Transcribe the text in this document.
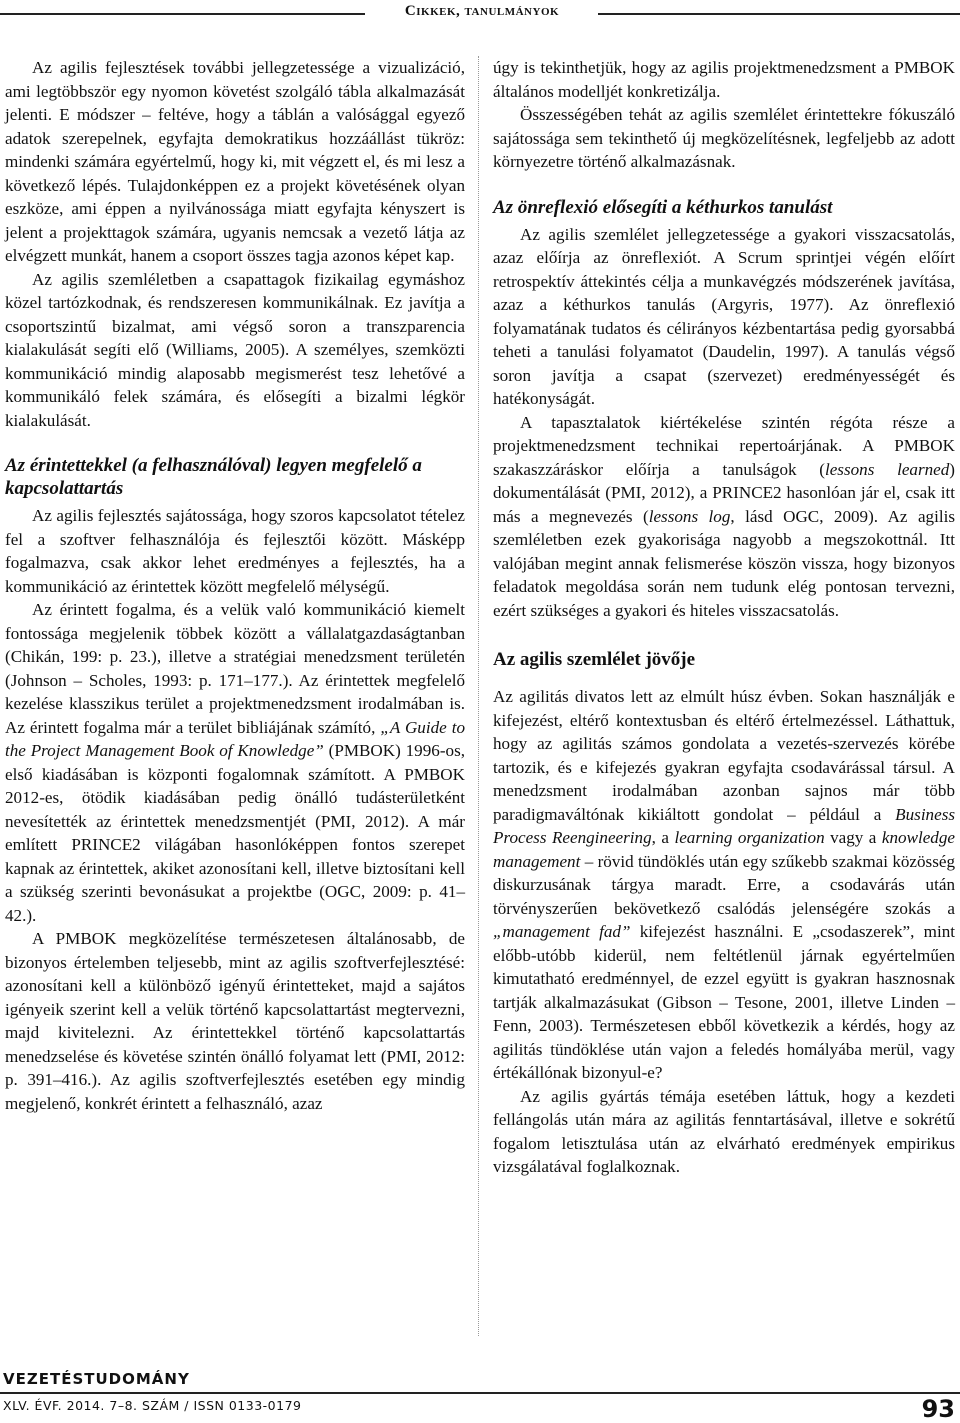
Cikkek, tanulmányok

Az agilis fejlesztések további jellegzetessége a vizualizáció, ami legtöbbször egy nyomon követést szolgáló tábla alkalmazását jelenti. E módszer – feltéve, hogy a táblán a valósággal egyező adatok szerepelnek, egyfajta demokratikus hozzáállást tükröz: mindenki számára egyértelmű, hogy ki, mit végzett el, és mi lesz a következő lépés. Tulajdonképpen ez a projekt követésének olyan eszköze, ami éppen a nyilvánossága miatt egyfajta kényszert is jelent a projekttagok számára, ugyanis nemcsak a vezető látja az elvégzett munkát, hanem a csoport összes tagja azonos képet kap.

Az agilis szemléletben a csapattagok fizikailag egymáshoz közel tartózkodnak, és rendszeresen kommunikálnak. Ez javítja a csoportszintű bizalmat, ami végső soron a transzparencia kialakulását segíti elő (Williams, 2005). A személyes, szemközti kommunikáció mindig alaposabb megismerést tesz lehetővé a kommunikáló felek számára, és elősegíti a bizalmi légkör kialakulását.

Az érintettekkel (a felhasználóval) legyen megfelelő a kapcsolattartás

Az agilis fejlesztés sajátossága, hogy szoros kapcsolatot tételez fel a szoftver felhasználója és fejlesztői között. Másképp fogalmazva, csak akkor lehet eredményes a fejlesztés, ha a kommunikáció az érintettek között megfelelő mélységű.

Az érintett fogalma, és a velük való kommunikáció kiemelt fontossága megjelenik többek között a vállalatgazdaságtanban (Chikán, 199: p. 23.), illetve a stratégiai menedzsment területén (Johnson – Scholes, 1993: p. 171–177.). Az érintettek megfelelő kezelése klasszikus terület a projektmenedzsment irodalmában is. Az érintett fogalma már a terület bibliájának számító, „A Guide to the Project Management Book of Knowledge” (PMBOK) 1996-os, első kiadásában is központi fogalomnak számított. A PMBOK 2012-es, ötödik kiadásában pedig önálló tudásterületként nevesítették az érintettek menedzsmentjét (PMI, 2012). A már említett PRINCE2 világában hasonlóképpen fontos szerepet kapnak az érintettek, akiket azonosítani kell, illetve biztosítani kell a szükség szerinti bevonásukat a projektbe (OGC, 2009: p. 41–42.).

A PMBOK megközelítése természetesen általánosabb, de bizonyos értelemben teljesebb, mint az agilis szoftverfejlesztésé: azonosítani kell a különböző igényű érintetteket, majd a sajátos igényeik szerint kell a velük történő kapcsolattartást megtervezni, majd kivitelezni. Az érintettekkel történő kapcsolattartás menedzselése és követése szintén önálló folyamat lett (PMI, 2012: p. 391–416.). Az agilis szoftverfejlesztés esetében egy mindig megjelenő, konkrét érintett a felhasználó, azaz

úgy is tekinthetjük, hogy az agilis projektmenedzsment a PMBOK általános modelljét konkretizálja.

Összességében tehát az agilis szemlélet érintettekre fókuszáló sajátossága sem tekinthető új megközelítésnek, legfeljebb az adott környezetre történő alkalmazásnak.

Az önreflexió elősegíti a kéthurkos tanulást

Az agilis szemlélet jellegzetessége a gyakori visszacsatolás, azaz előírja az önreflexiót. A Scrum sprintjei végén előírt retrospektív áttekintés célja a munkavégzés módszerének javítása, azaz a kéthurkos tanulás (Argyris, 1977). Az önreflexió folyamatának tudatos és célirányos kézbentartása pedig gyorsabbá teheti a tanulási folyamatot (Daudelin, 1997). A tanulás végső soron javítja a csapat (szervezet) eredményességét és hatékonyságát.

A tapasztalatok kiértékelése szintén régóta része a projektmenedzsment technikai repertoárjának. A PMBOK szakaszzáráskor előírja a tanulságok (lessons learned) dokumentálását (PMI, 2012), a PRINCE2 hasonlóan jár el, csak itt más a megnevezés (lessons log, lásd OGC, 2009). Az agilis szemléletben ezek gyakorisága nagyobb a megszokottnál. Itt valójában megint annak felismerése köszön vissza, hogy bizonyos feladatok megoldása során nem tudunk elég pontosan tervezni, ezért szükséges a gyakori és hiteles visszacsatolás.

Az agilis szemlélet jövője

Az agilitás divatos lett az elmúlt húsz évben. Sokan használják e kifejezést, eltérő kontextusban és eltérő értelmezéssel. Láthattuk, hogy az agilitás számos gondolata a vezetés-szervezés körébe tartozik, és e kifejezés gyakran egyfajta csodavárással társul. A menedzsment irodalmában azonban sajnos már több paradigmaváltónak kikiáltott gondolat – például a Business Process Reengineering, a learning organization vagy a knowledge management – rövid tündöklés után egy szűkebb szakmai közösség diskurzusának tárgya maradt. Erre, a csodavárás után törvényszerűen bekövetkező csalódás jelenségére szokás a „management fad” kifejezést használni. E „csodaszerek”, mint előbb-utóbb kiderül, nem feltétlenül járnak egyértelműen kimutatható eredménnyel, de ezzel együtt is gyakran hasznosnak tartják alkalmazásukat (Gibson – Tesone, 2001, illetve Linden – Fenn, 2003). Természetesen ebből következik a kérdés, hogy az agilitás tündöklése után vajon a feledés homályába merül, vagy értékállónak bizonyul-e?

Az agilis gyártás témája esetében láttuk, hogy a kezdeti fellángolás után mára az agilitás fenntartásával, illetve e sokrétű fogalom letisztulása után az elvárható eredmények empirikus vizsgálatával foglalkoznak.

VEZETÉSTUDOMÁNY
XLV. ÉVF. 2014. 7–8. SZÁM / ISSN 0133-0179	93
